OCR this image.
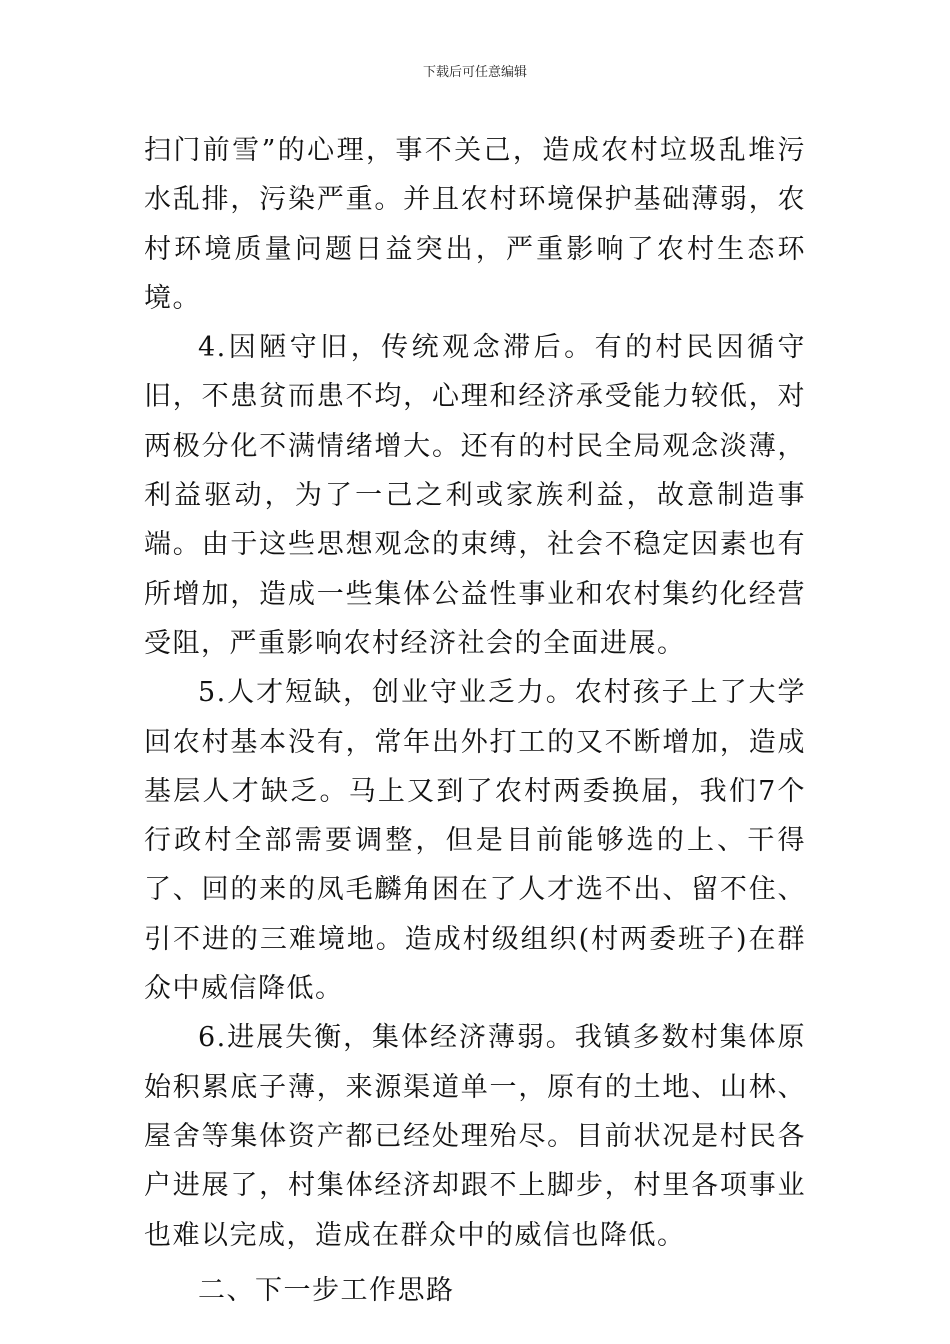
下载后可任意编辑

扫门前雪”的心理，事不关己，造成农村垃圾乱堆污水乱排，污染严重。并且农村环境保护基础薄弱，农村环境质量问题日益突出，严重影响了农村生态环境。

4.因陋守旧，传统观念滞后。有的村民因循守旧，不患贫而患不均，心理和经济承受能力较低，对两极分化不满情绪增大。还有的村民全局观念淡薄，利益驱动，为了一己之利或家族利益，故意制造事端。由于这些思想观念的束缚，社会不稳定因素也有所增加，造成一些集体公益性事业和农村集约化经营受阻，严重影响农村经济社会的全面进展。

5.人才短缺，创业守业乏力。农村孩子上了大学回农村基本没有，常年出外打工的又不断增加，造成基层人才缺乏。马上又到了农村两委换届，我们7个行政村全部需要调整，但是目前能够选的上、干得了、回的来的凤毛麟角困在了人才选不出、留不住、引不进的三难境地。造成村级组织(村两委班子)在群众中威信降低。

6.进展失衡，集体经济薄弱。我镇多数村集体原始积累底子薄，来源渠道单一，原有的土地、山林、屋舍等集体资产都已经处理殆尽。目前状况是村民各户进展了，村集体经济却跟不上脚步，村里各项事业也难以完成，造成在群众中的威信也降低。

二、下一步工作思路
